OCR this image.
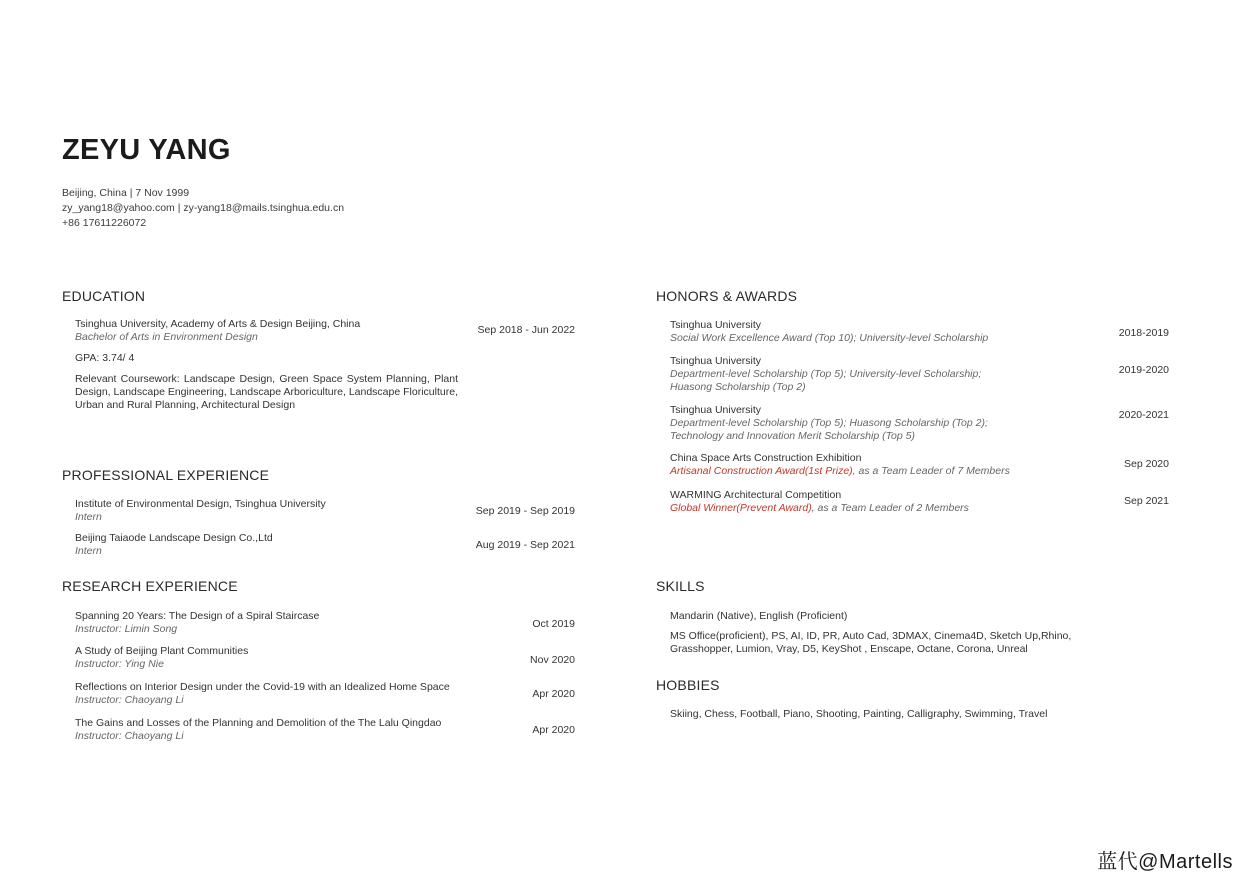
ZEYU YANG
Beijing, China | 7 Nov 1999
zy_yang18@yahoo.com | zy-yang18@mails.tsinghua.edu.cn
+86 17611226072
EDUCATION
Tsinghua University, Academy of Arts & Design Beijing, China
Bachelor of Arts in Environment Design
Sep 2018 - Jun 2022
GPA: 3.74/ 4
Relevant Coursework: Landscape Design, Green Space System Planning, Plant Design, Landscape Engineering, Landscape Arboriculture, Landscape Floriculture, Urban and Rural Planning, Architectural Design
PROFESSIONAL EXPERIENCE
Institute of Environmental Design, Tsinghua University
Intern	Sep 2019 - Sep 2019
Beijing Taiaode Landscape Design Co.,Ltd
Intern	Aug 2019 - Sep 2021
RESEARCH EXPERIENCE
Spanning 20 Years: The Design of a Spiral Staircase
Instructor: Limin Song	Oct 2019
A Study of Beijing Plant Communities
Instructor: Ying Nie	Nov 2020
Reflections on Interior Design under the Covid-19 with an Idealized Home Space
Instructor: Chaoyang Li	Apr 2020
The Gains and Losses of the Planning and Demolition of the The Lalu Qingdao
Instructor: Chaoyang Li	Apr 2020
HONORS & AWARDS
Tsinghua University
Social Work Excellence Award (Top 10); University-level Scholarship	2018-2019
Tsinghua University
Department-level Scholarship (Top 5); University-level Scholarship;
Huasong Scholarship (Top 2)
2019-2020
Tsinghua University
Department-level Scholarship (Top 5); Huasong Scholarship (Top 2);
Technology and Innovation Merit Scholarship (Top 5)
2020-2021
China Space Arts Construction Exhibition
Artisanal Construction Award(1st Prize), as a Team Leader of 7 Members
Sep 2020
WARMING Architectural Competition
Global Winner(Prevent Award), as a Team Leader of 2 Members
Sep 2021
SKILLS
Mandarin (Native), English (Proficient)
MS Office(proficient), PS, AI, ID, PR, Auto Cad, 3DMAX, Cinema4D, Sketch Up,Rhino,
Grasshopper, Lumion, Vray, D5, KeyShot , Enscape, Octane, Corona, Unreal
HOBBIES
Skiing, Chess, Football, Piano, Shooting, Painting, Calligraphy, Swimming, Travel
蓝代@Martells
